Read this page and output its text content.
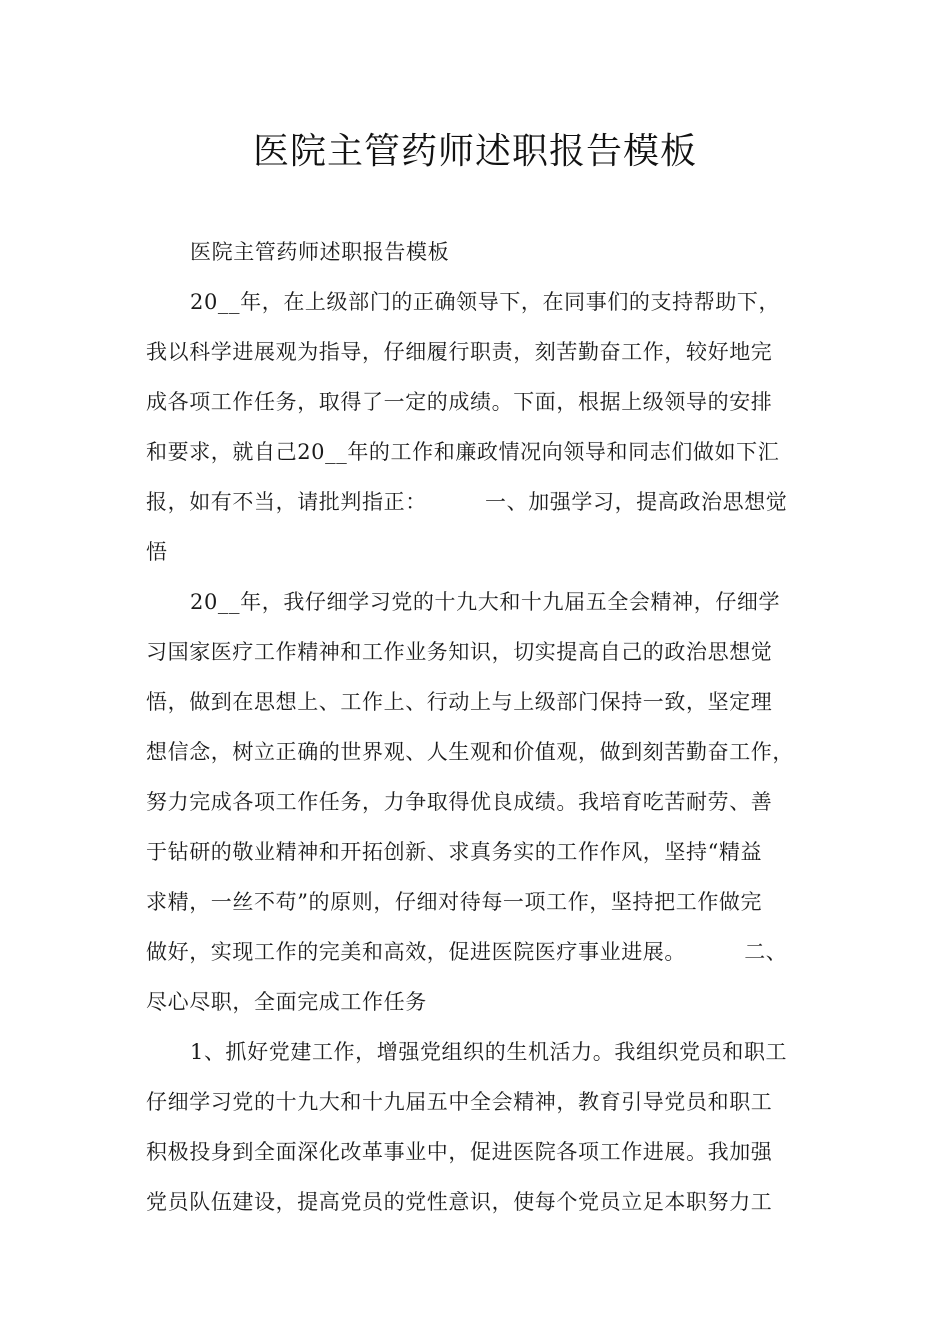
医院主管药师述职报告模板
医院主管药师述职报告模板
20__年，在上级部门的正确领导下，在同事们的支持帮助下，
我以科学进展观为指导，仔细履行职责，刻苦勤奋工作，较好地完
成各项工作任务，取得了一定的成绩。下面，根据上级领导的安排
和要求，就自己20__年的工作和廉政情况向领导和同志们做如下汇
报，如有不当，请批判指正：        一、加强学习，提高政治思想觉
悟
20__年，我仔细学习党的十九大和十九届五全会精神，仔细学
习国家医疗工作精神和工作业务知识，切实提高自己的政治思想觉
悟，做到在思想上、工作上、行动上与上级部门保持一致，坚定理
想信念，树立正确的世界观、人生观和价值观，做到刻苦勤奋工作，
努力完成各项工作任务，力争取得优良成绩。我培育吃苦耐劳、善
于钻研的敬业精神和开拓创新、求真务实的工作作风，坚持“精益
求精，一丝不苟”的原则，仔细对待每一项工作，坚持把工作做完
做好，实现工作的完美和高效，促进医院医疗事业进展。        二、
尽心尽职，全面完成工作任务
1、抓好党建工作，增强党组织的生机活力。我组织党员和职工
仔细学习党的十九大和十九届五中全会精神，教育引导党员和职工
积极投身到全面深化改革事业中，促进医院各项工作进展。我加强
党员队伍建设，提高党员的党性意识，使每个党员立足本职努力工
